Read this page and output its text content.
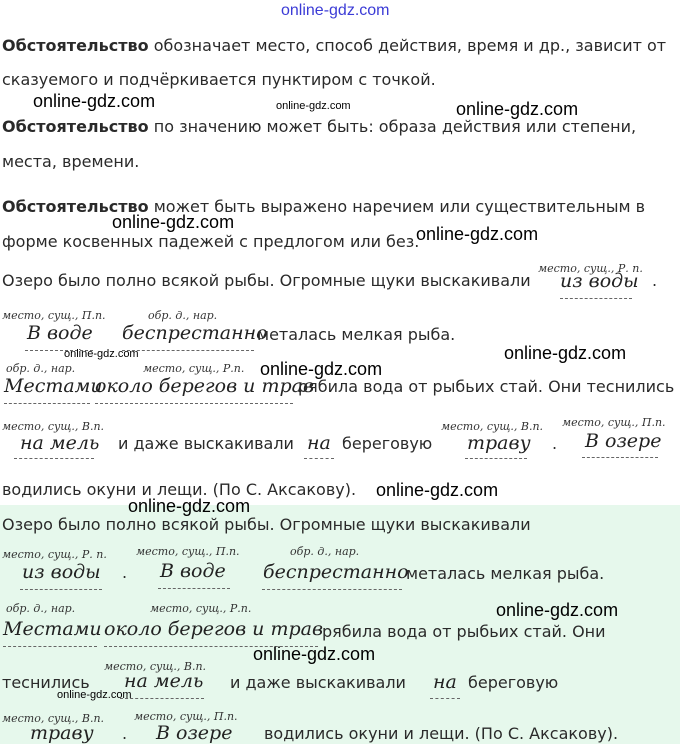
online-gdz.com
Обстоятельство обозначает место, способ действия, время и др., зависит от
сказуемого и подчёркивается пунктиром с точкой.
Обстоятельство по значению может быть: образа действия или степени,
места, времени.
Обстоятельство может быть выражено наречием или существительным в
форме косвенных падежей с предлогом или без.
Озеро было полно всякой рыбы. Огромные щуки выскакивали
место, сущ., Р. п.
из воды .
место, сущ., П.п.
В воде
обр. д., нар.
беспрестанно
металась мелкая рыба.
обр. д., нар.
Местами
место, сущ., Р.п.
около берегов и трав
рябила вода от рыбьих стай. Они теснились
место, сущ., В.п.
на мель и даже выскакивали на береговую
место, сущ., В.п.
траву .
место, сущ., П.п.
В озере
водились окуни и лещи. (По С. Аксакову).
Озеро было полно всякой рыбы. Огромные щуки выскакивали
место, сущ., Р. п.
из воды .
место, сущ., П.п.
В воде
обр. д., нар.
беспрестанно
металась мелкая рыба.
обр. д., нар.
Местами
место, сущ., Р.п.
около берегов и трав
рябила вода от рыбьих стай. Они
теснились
место, сущ., В.п.
на мель и даже выскакивали на береговую
место, сущ., В.п.
траву .
место, сущ., П.п.
В озере водились окуни и лещи. (По С. Аксакову).
online-gdz.com	online-gdz.com	online-gdz.com
online-gdz.com
online-gdz.com
online-gdz.com	online-gdz.com
online-gdz.com
online-gdz.com
online-gdz.com
online-gdz.com
online-gdz.com
online-gdz.com
